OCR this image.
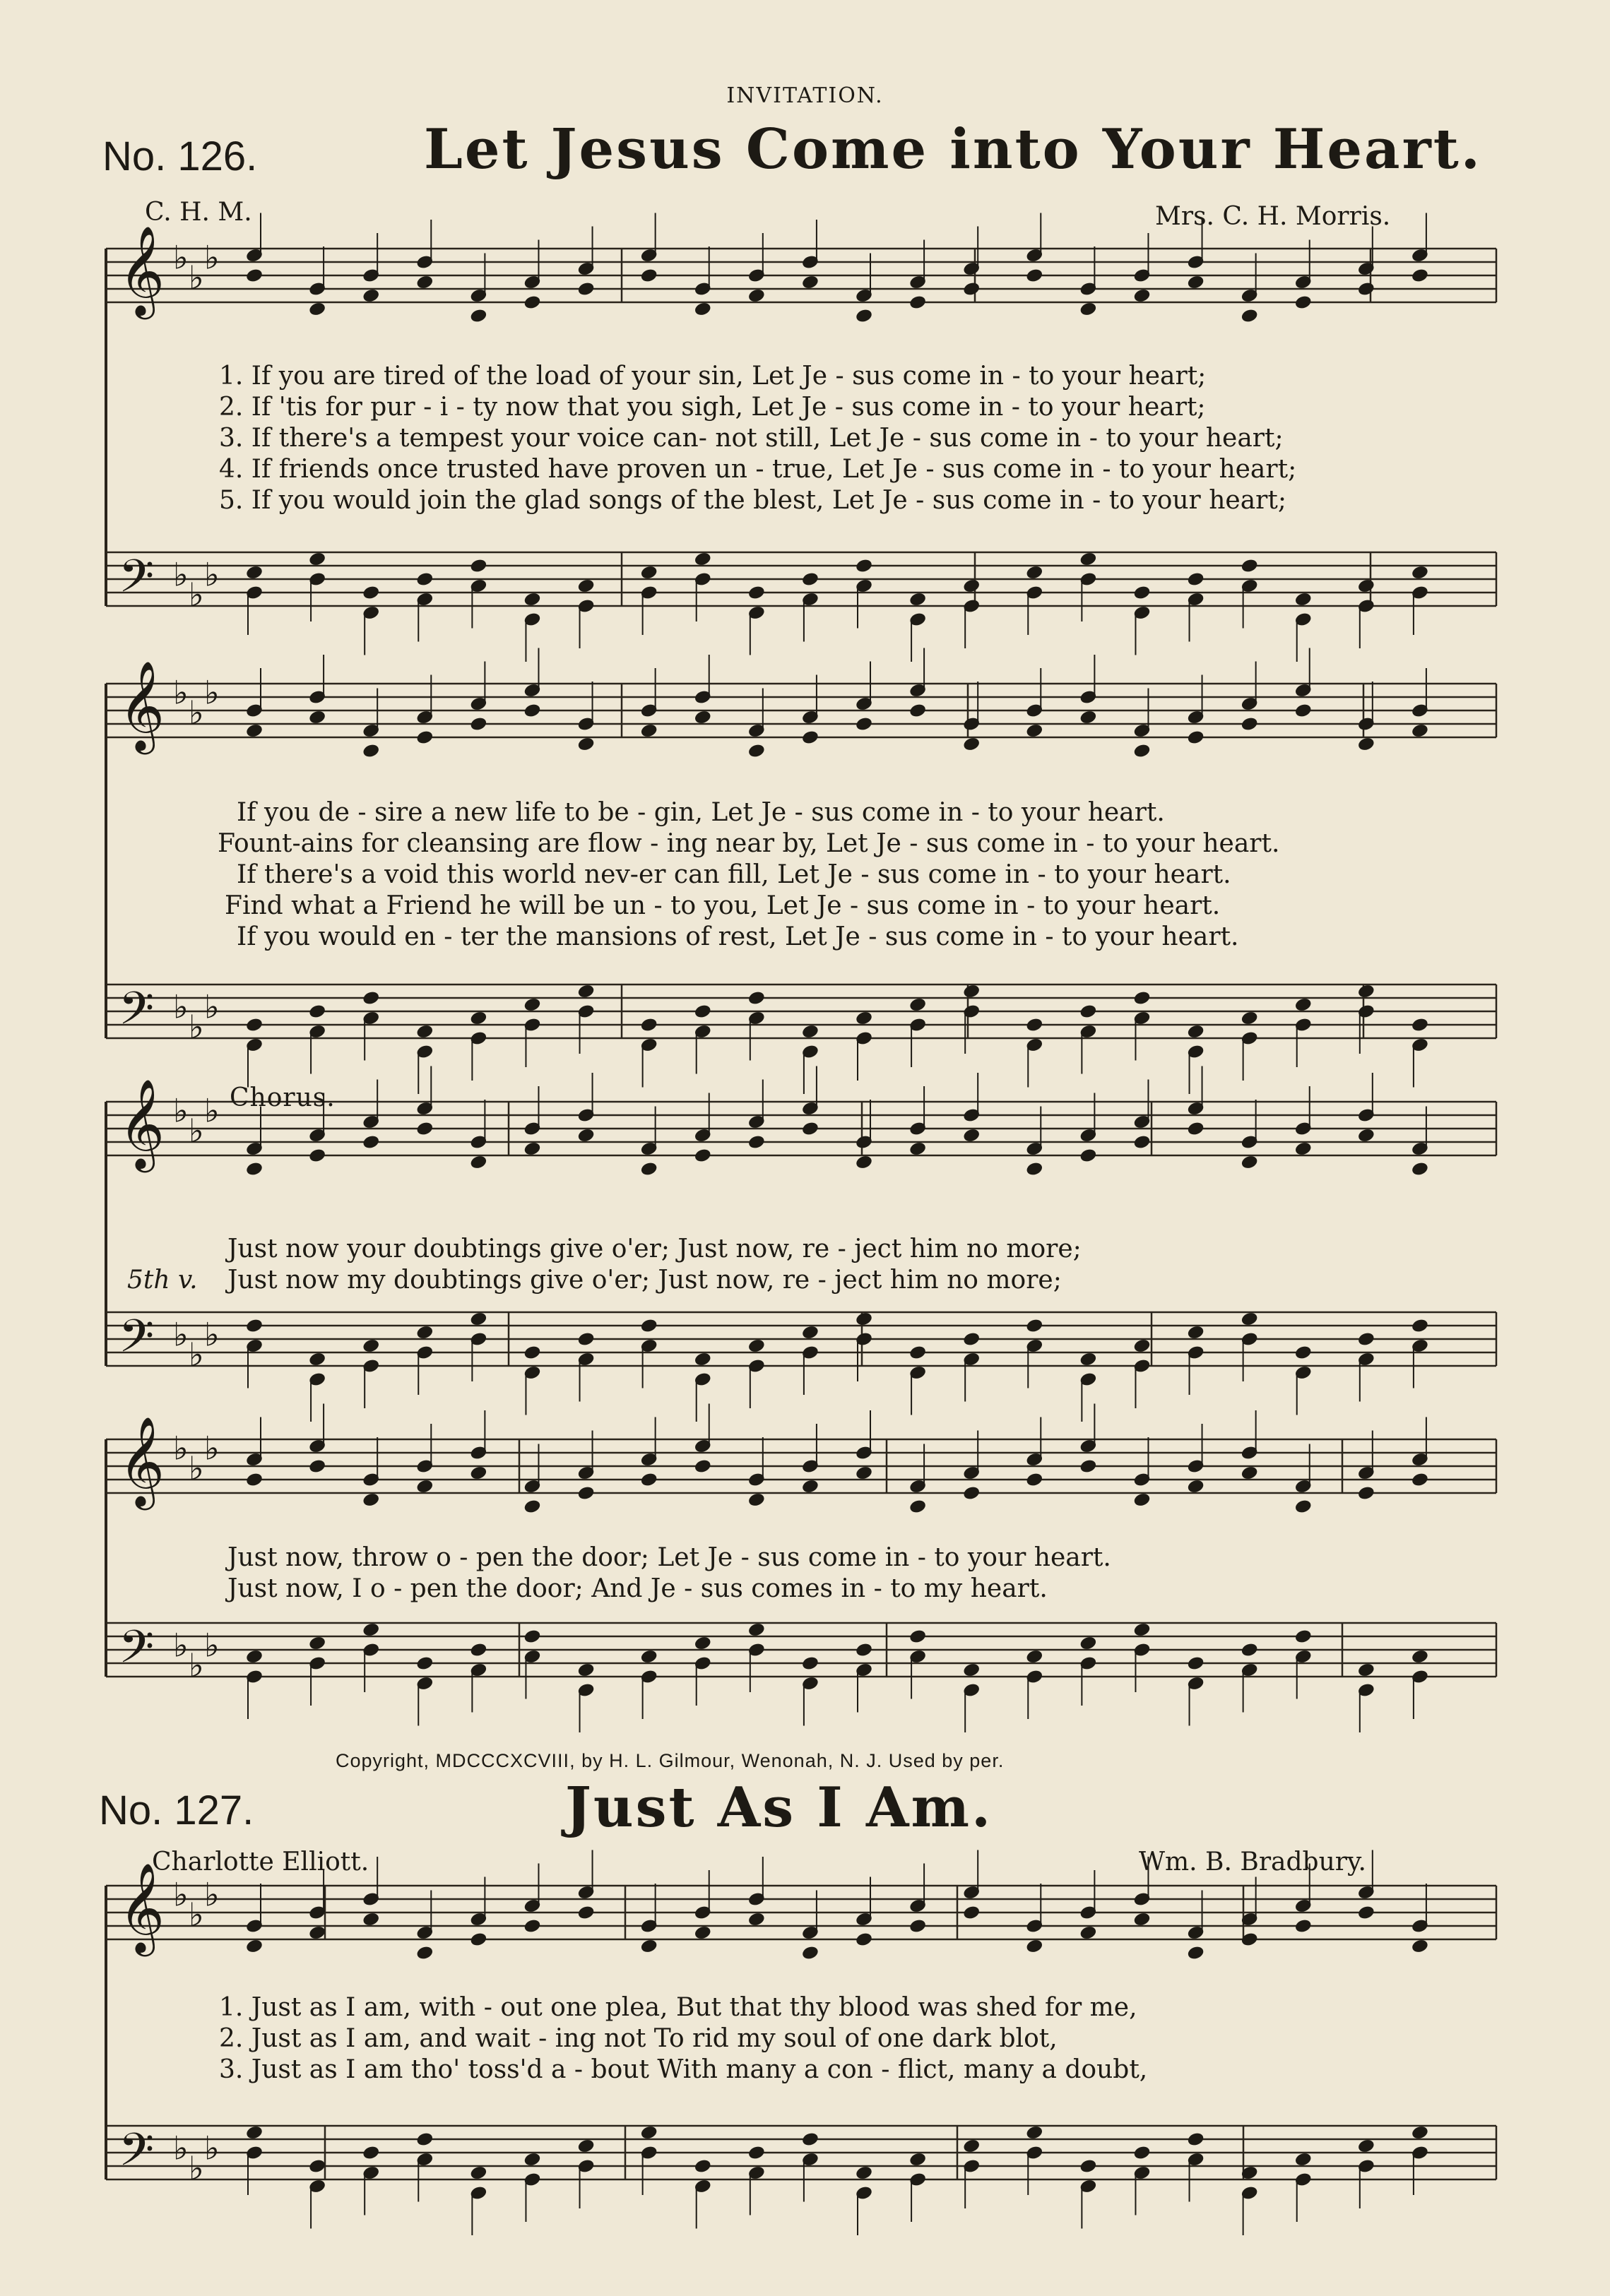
INVITATION.
No. 126.	Let Jesus Come into Your Heart.
C. H. M.	Mrs. C. H. Morris.
𝄞 ♭
♭
♭
𝄢 ♭
♭
♭
𝄞 ♭
♭
♭
𝄢 ♭
♭
♭
𝄞 ♭
♭
♭
𝄢 ♭
♭
♭
𝄞 ♭
♭
♭
𝄢 ♭
♭
♭
𝄞 ♭
♭
♭
𝄢 ♭
♭
♭
1. If you are tired of the load of your sin, Let Je - sus come in - to your heart;
2. If 'tis for pur - i - ty now that you sigh, Let Je - sus come in - to your heart;
3. If there's a tempest your voice can- not still, Let Je - sus come in - to your heart;
4. If friends once trusted have proven un - true, Let Je - sus come in - to your heart;
5. If you would join the glad songs of the blest, Let Je - sus come in - to your heart;
If you de - sire a new life to be - gin, Let Je - sus come in - to your heart.
Fount-ains for cleansing are flow - ing near by, Let Je - sus come in - to your heart.
If there's a void this world nev-er can fill, Let Je - sus come in - to your heart.
Find what a Friend he will be un - to you, Let Je - sus come in - to your heart.
If you would en - ter the mansions of rest, Let Je - sus come in - to your heart.
Chorus.
Just now your doubtings give o'er; Just now, re - ject him no more;
5th v. Just now my doubtings give o'er; Just now, re - ject him no more;
Just now, throw o - pen the door; Let Je - sus come in - to your heart.
Just now, I o - pen the door; And Je - sus comes in - to my heart.
Copyright, MDCCCXCVIII, by H. L. Gilmour, Wenonah, N. J. Used by per.
No. 127.	Just As I Am.
Charlotte Elliott.	Wm. B. Bradbury.
1. Just as I am, with - out one plea, But that thy blood was shed for me,
2. Just as I am, and wait - ing not To rid my soul of one dark blot,
3. Just as I am tho' toss'd a - bout With many a con - flict, many a doubt,
